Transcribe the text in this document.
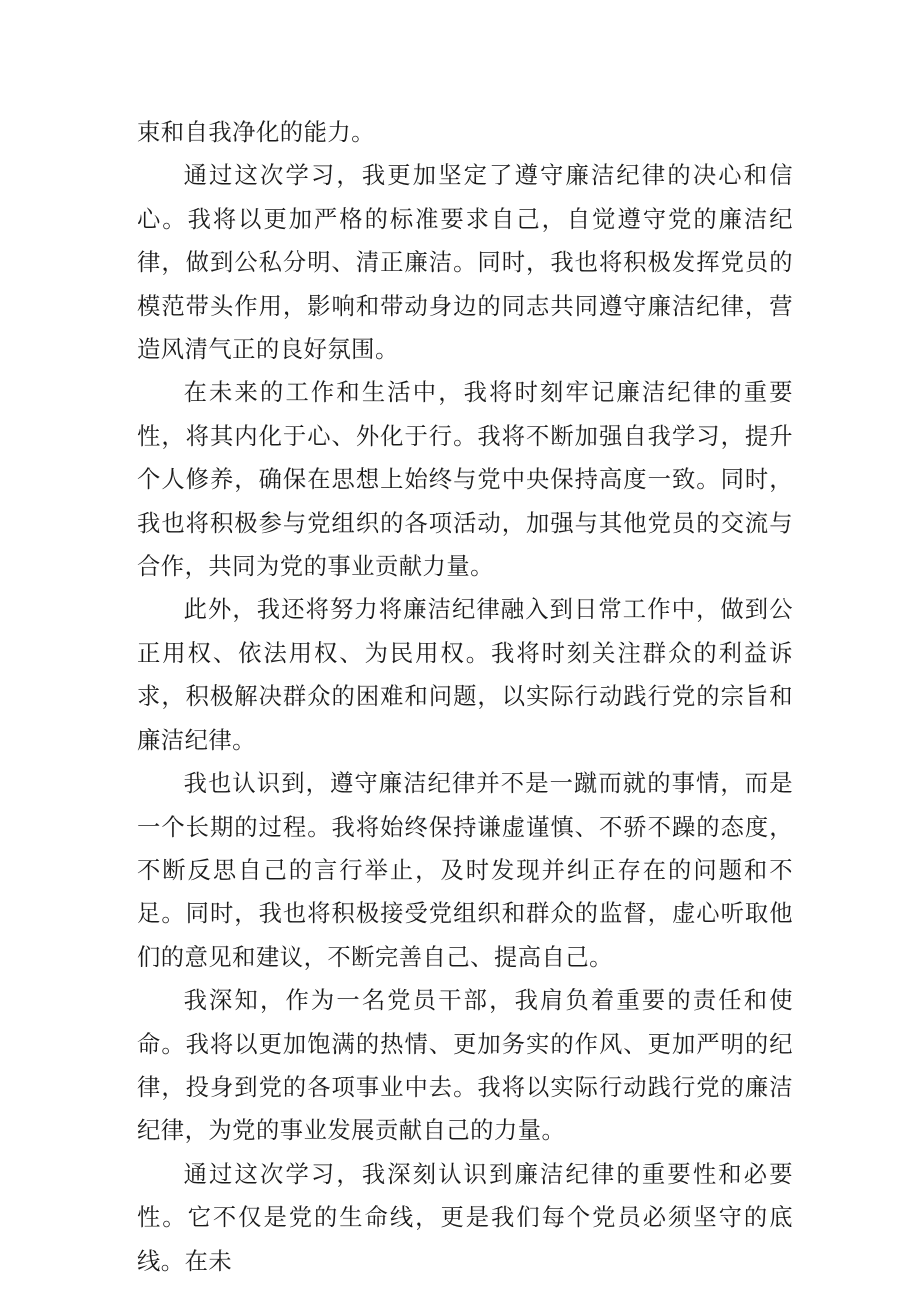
束和自我净化的能力。

通过这次学习，我更加坚定了遵守廉洁纪律的决心和信心。我将以更加严格的标准要求自己，自觉遵守党的廉洁纪律，做到公私分明、清正廉洁。同时，我也将积极发挥党员的模范带头作用，影响和带动身边的同志共同遵守廉洁纪律，营造风清气正的良好氛围。

在未来的工作和生活中，我将时刻牢记廉洁纪律的重要性，将其内化于心、外化于行。我将不断加强自我学习，提升个人修养，确保在思想上始终与党中央保持高度一致。同时，我也将积极参与党组织的各项活动，加强与其他党员的交流与合作，共同为党的事业贡献力量。

此外，我还将努力将廉洁纪律融入到日常工作中，做到公正用权、依法用权、为民用权。我将时刻关注群众的利益诉求，积极解决群众的困难和问题，以实际行动践行党的宗旨和廉洁纪律。

我也认识到，遵守廉洁纪律并不是一蹴而就的事情，而是一个长期的过程。我将始终保持谦虚谨慎、不骄不躁的态度，不断反思自己的言行举止，及时发现并纠正存在的问题和不足。同时，我也将积极接受党组织和群众的监督，虚心听取他们的意见和建议，不断完善自己、提高自己。

我深知，作为一名党员干部，我肩负着重要的责任和使命。我将以更加饱满的热情、更加务实的作风、更加严明的纪律，投身到党的各项事业中去。我将以实际行动践行党的廉洁纪律，为党的事业发展贡献自己的力量。

通过这次学习，我深刻认识到廉洁纪律的重要性和必要性。它不仅是党的生命线，更是我们每个党员必须坚守的底线。在未
